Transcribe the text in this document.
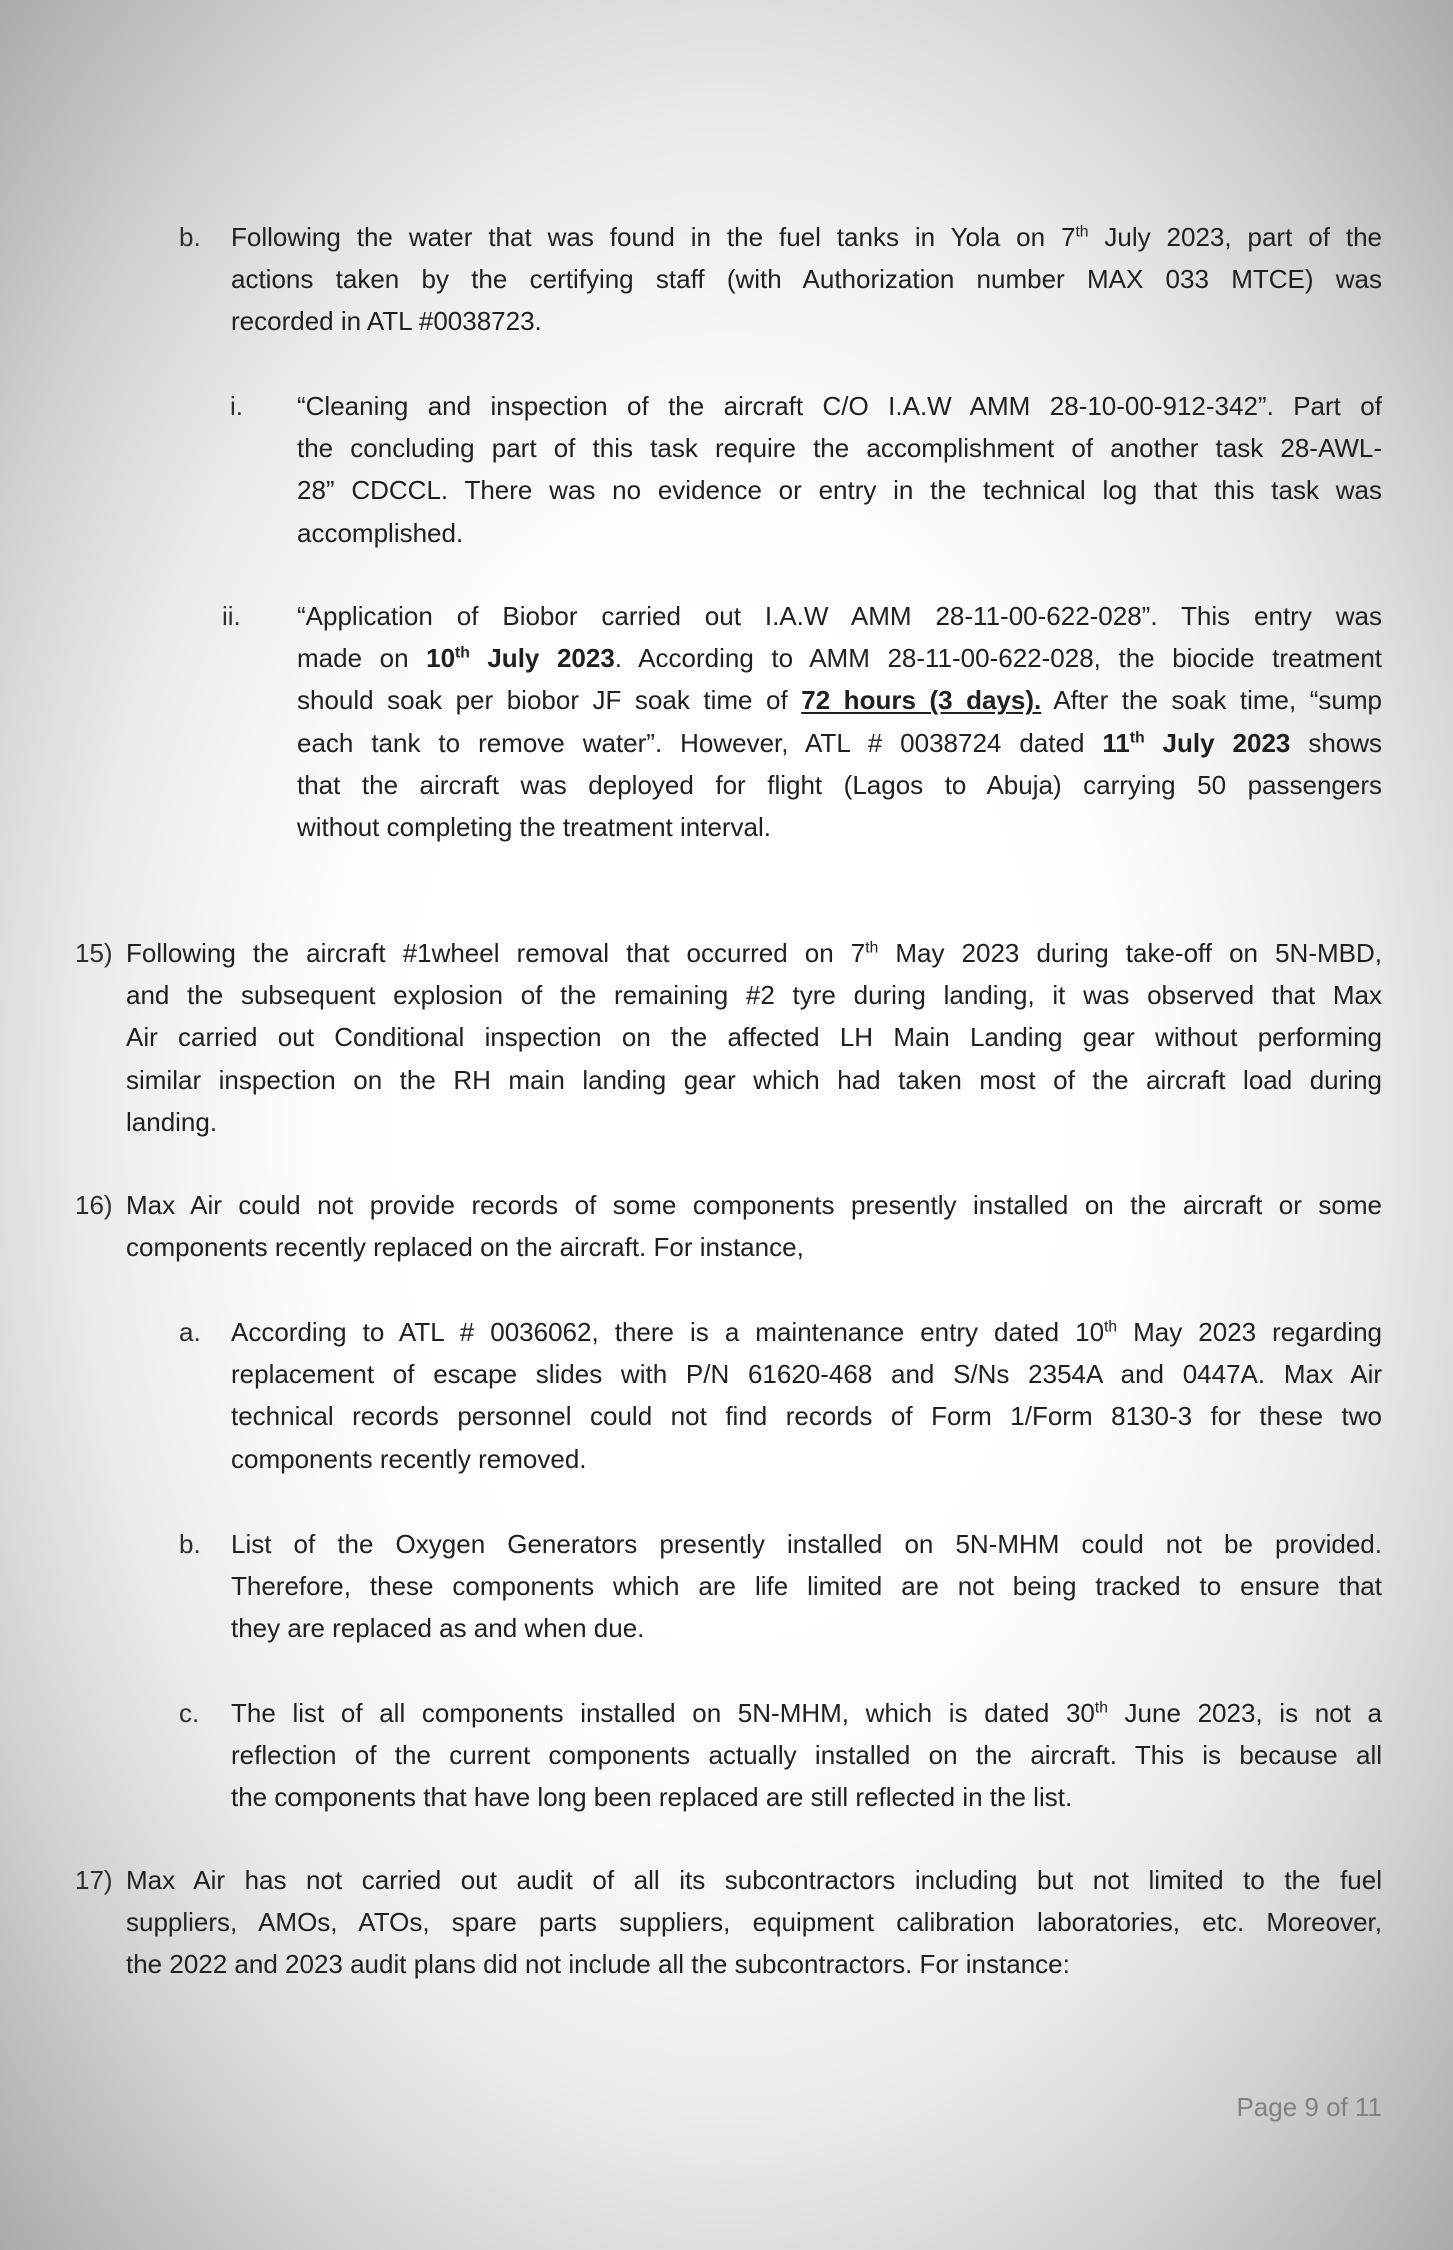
b. Following the water that was found in the fuel tanks in Yola on 7th July 2023, part of the
actions taken by the certifying staff (with Authorization number MAX 033 MTCE) was
recorded in ATL #0038723.
i. “Cleaning and inspection of the aircraft C/O I.A.W AMM 28-10-00-912-342”. Part of
the concluding part of this task require the accomplishment of another task 28-AWL-
28” CDCCL. There was no evidence or entry in the technical log that this task was
accomplished.
ii. “Application of Biobor carried out I.A.W AMM 28-11-00-622-028”. This entry was
made on 10th July 2023. According to AMM 28-11-00-622-028, the biocide treatment
should soak per biobor JF soak time of 72 hours (3 days). After the soak time, “sump
each tank to remove water”. However, ATL # 0038724 dated 11th July 2023 shows
that the aircraft was deployed for flight (Lagos to Abuja) carrying 50 passengers
without completing the treatment interval.
15) Following the aircraft #1wheel removal that occurred on 7th May 2023 during take-off on 5N-MBD,
and the subsequent explosion of the remaining #2 tyre during landing, it was observed that Max
Air carried out Conditional inspection on the affected LH Main Landing gear without performing
similar inspection on the RH main landing gear which had taken most of the aircraft load during
landing.
16) Max Air could not provide records of some components presently installed on the aircraft or some
components recently replaced on the aircraft. For instance,
a. According to ATL # 0036062, there is a maintenance entry dated 10th May 2023 regarding
replacement of escape slides with P/N 61620-468 and S/Ns 2354A and 0447A. Max Air
technical records personnel could not find records of Form 1/Form 8130-3 for these two
components recently removed.
b. List of the Oxygen Generators presently installed on 5N-MHM could not be provided.
Therefore, these components which are life limited are not being tracked to ensure that
they are replaced as and when due.
c. The list of all components installed on 5N-MHM, which is dated 30th June 2023, is not a
reflection of the current components actually installed on the aircraft. This is because all
the components that have long been replaced are still reflected in the list.
17) Max Air has not carried out audit of all its subcontractors including but not limited to the fuel
suppliers, AMOs, ATOs, spare parts suppliers, equipment calibration laboratories, etc. Moreover,
the 2022 and 2023 audit plans did not include all the subcontractors. For instance:
Page 9 of 11
